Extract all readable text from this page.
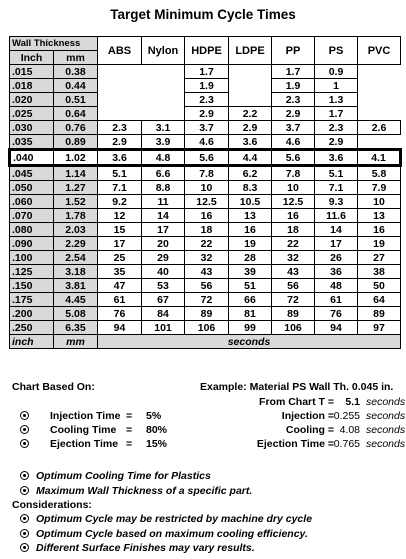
Target Minimum Cycle Times
Wall Thickness		ABS	Nylon	HDPE	LDPE	PP	PS	PVC
Inch	mm							
.015	0.38			1.7		1.7	0.9	
.018	0.44			1.9		1.9	1	
.020	0.51			2.3		2.3	1.3	
.025	0.64			2.9	2.2	2.9	1.7	
.030	0.76	2.3	3.1	3.7	2.9	3.7	2.3	2.6
.035	0.89	2.9	3.9	4.6	3.6	4.6	2.9	
.040	1.02	3.6	4.8	5.6	4.4	5.6	3.6	4.1
.045	1.14	5.1	6.6	7.8	6.2	7.8	5.1	5.8
.050	1.27	7.1	8.8	10	8.3	10	7.1	7.9
.060	1.52	9.2	11	12.5	10.5	12.5	9.3	10
.070	1.78	12	14	16	13	16	11.6	13
.080	2.03	15	17	18	16	18	14	16
.090	2.29	17	20	22	19	22	17	19
.100	2.54	25	29	32	28	32	26	27
.125	3.18	35	40	43	39	43	36	38
.150	3.81	47	53	56	51	56	48	50
.175	4.45	61	67	72	66	72	61	64
.200	5.08	76	84	89	81	89	76	89
.250	6.35	94	101	106	99	106	94	97
inch	mm	seconds						
Chart Based On:	Example: Material PS Wall Th. 0.045 in.
From Chart T =	5.1 seconds
Injection Time = 5%	Injection = 0.255 seconds
Cooling Time = 80%	Cooling = 4.08 seconds
Ejection Time = 15%	Ejection Time = 0.765 seconds
Optimum Cooling Time for Plastics
Maximum Wall Thickness of a specific part.
Considerations:
Optimum Cycle may be restricted by machine dry cycle
Optimum Cycle based on maximum cooling efficiency.
Different Surface Finishes may vary results.
